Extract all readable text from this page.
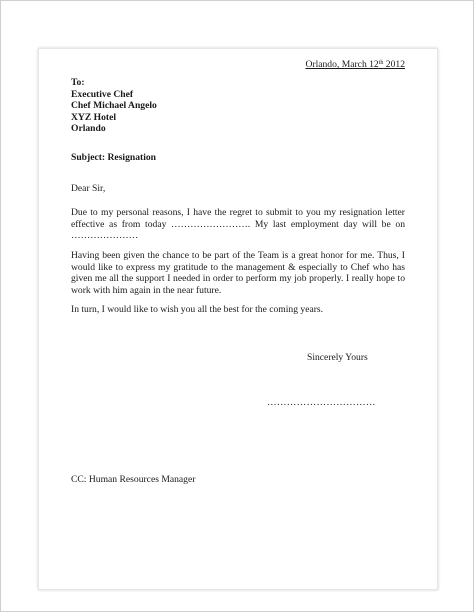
Orlando, March 12th 2012
To:
Executive Chef
Chef Michael Angelo
XYZ Hotel
Orlando
Subject: Resignation
Dear Sir,
Due to my personal reasons, I have the regret to submit to you my resignation letter effective as from today ……………………. My last employment day will be on …………………
Having been given the chance to be part of the Team is a great honor for me. Thus, I would like to express my gratitude to the management & especially to Chef who has given me all the support I needed in order to perform my job properly. I really hope to work with him again in the near future.
In turn, I would like to wish you all the best for the coming years.
Sincerely Yours
……………………………
CC: Human Resources Manager
